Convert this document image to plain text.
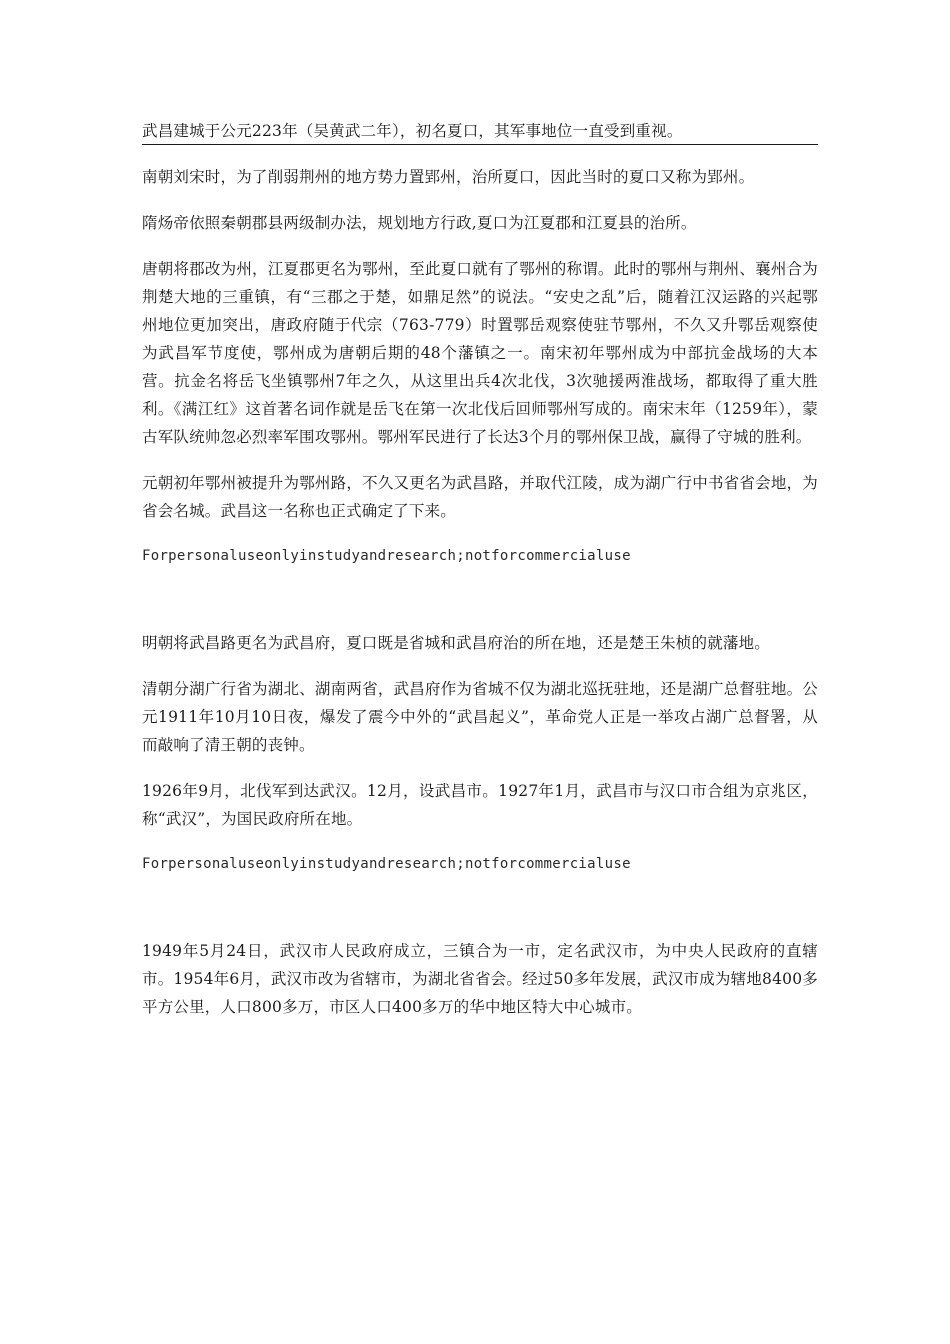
武昌建城于公元223年（吴黄武二年），初名夏口，其军事地位一直受到重视。

南朝刘宋时，为了削弱荆州的地方势力置郢州，治所夏口，因此当时的夏口又称为郢州。

隋炀帝依照秦朝郡县两级制办法，规划地方行政,夏口为江夏郡和江夏县的治所。

唐朝将郡改为州，江夏郡更名为鄂州，至此夏口就有了鄂州的称谓。此时的鄂州与荆州、襄州合为荆楚大地的三重镇，有“三郡之于楚，如鼎足然”的说法。“安史之乱”后，随着江汉运路的兴起鄂州地位更加突出，唐政府随于代宗（763-779）时置鄂岳观察使驻节鄂州，不久又升鄂岳观察使为武昌军节度使，鄂州成为唐朝后期的48个藩镇之一。南宋初年鄂州成为中部抗金战场的大本营。抗金名将岳飞坐镇鄂州7年之久，从这里出兵4次北伐，3次驰援两淮战场，都取得了重大胜利。《满江红》这首著名词作就是岳飞在第一次北伐后回师鄂州写成的。南宋末年（1259年），蒙古军队统帅忽必烈率军围攻鄂州。鄂州军民进行了长达3个月的鄂州保卫战，赢得了守城的胜利。

元朝初年鄂州被提升为鄂州路，不久又更名为武昌路，并取代江陵，成为湖广行中书省省会地，为省会名城。武昌这一名称也正式确定了下来。

Forpersonaluseonlyinstudyandresearch;notforcommercialuse

明朝将武昌路更名为武昌府，夏口既是省城和武昌府治的所在地，还是楚王朱桢的就藩地。

清朝分湖广行省为湖北、湖南两省，武昌府作为省城不仅为湖北巡抚驻地，还是湖广总督驻地。公元1911年10月10日夜，爆发了震今中外的“武昌起义”，革命党人正是一举攻占湖广总督署，从而敲响了清王朝的丧钟。

1926年9月，北伐军到达武汉。12月，设武昌市。1927年1月，武昌市与汉口市合组为京兆区，称“武汉”，为国民政府所在地。

Forpersonaluseonlyinstudyandresearch;notforcommercialuse

1949年5月24日，武汉市人民政府成立，三镇合为一市，定名武汉市，为中央人民政府的直辖市。1954年6月，武汉市改为省辖市，为湖北省省会。经过50多年发展，武汉市成为辖地8400多平方公里，人口800多万，市区人口400多万的华中地区特大中心城市。
